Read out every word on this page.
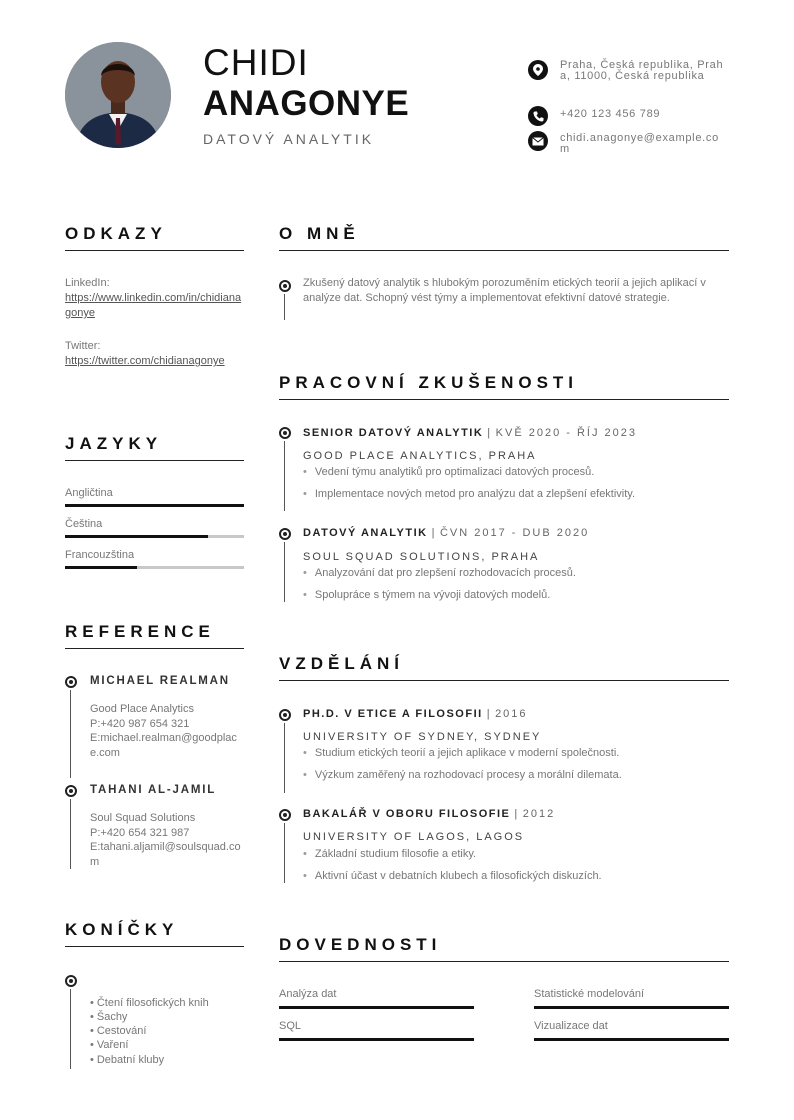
CHIDI
ANAGONYE
DATOVÝ ANALYTIK
Praha, Česká republika, Praha, 11000, Česká republika
+420 123 456 789
chidi.anagonye@example.com
ODKAZY
LinkedIn:
https://www.linkedin.com/in/chidianagonye
Twitter:
https://twitter.com/chidianagonye
JAZYKY
Angličtina
Čeština
Francouzština
REFERENCE
MICHAEL REALMAN
Good Place Analytics
P:+420 987 654 321
E:michael.realman@goodplace.com
TAHANI AL-JAMIL
Soul Squad Solutions
P:+420 654 321 987
E:tahani.aljamil@soulsquad.com
KONÍČKY
• Čtení filosofických knih
• Šachy
• Cestování
• Vaření
• Debatní kluby
O MNĚ
Zkušený datový analytik s hlubokým porozuměním etických teorií a jejich aplikací v analýze dat. Schopný vést týmy a implementovat efektivní datové strategie.
PRACOVNÍ ZKUŠENOSTI
SENIOR DATOVÝ ANALYTIK | KVĚ 2020 - ŘÍJ 2023
GOOD PLACE ANALYTICS, PRAHA
• Vedení týmu analytiků pro optimalizaci datových procesů.
• Implementace nových metod pro analýzu dat a zlepšení efektivity.
DATOVÝ ANALYTIK | ČVN 2017 - DUB 2020
SOUL SQUAD SOLUTIONS, PRAHA
• Analyzování dat pro zlepšení rozhodovacích procesů.
• Spolupráce s týmem na vývoji datových modelů.
VZDĚLÁNÍ
PH.D. V ETICE A FILOSOFII | 2016
UNIVERSITY OF SYDNEY, SYDNEY
• Studium etických teorií a jejich aplikace v moderní společnosti.
• Výzkum zaměřený na rozhodovací procesy a morální dilemata.
BAKALÁŘ V OBORU FILOSOFIE | 2012
UNIVERSITY OF LAGOS, LAGOS
• Základní studium filosofie a etiky.
• Aktivní účast v debatních klubech a filosofických diskuzích.
DOVEDNOSTI
Analýza dat	Statistické modelování
SQL	Vizualizace dat
